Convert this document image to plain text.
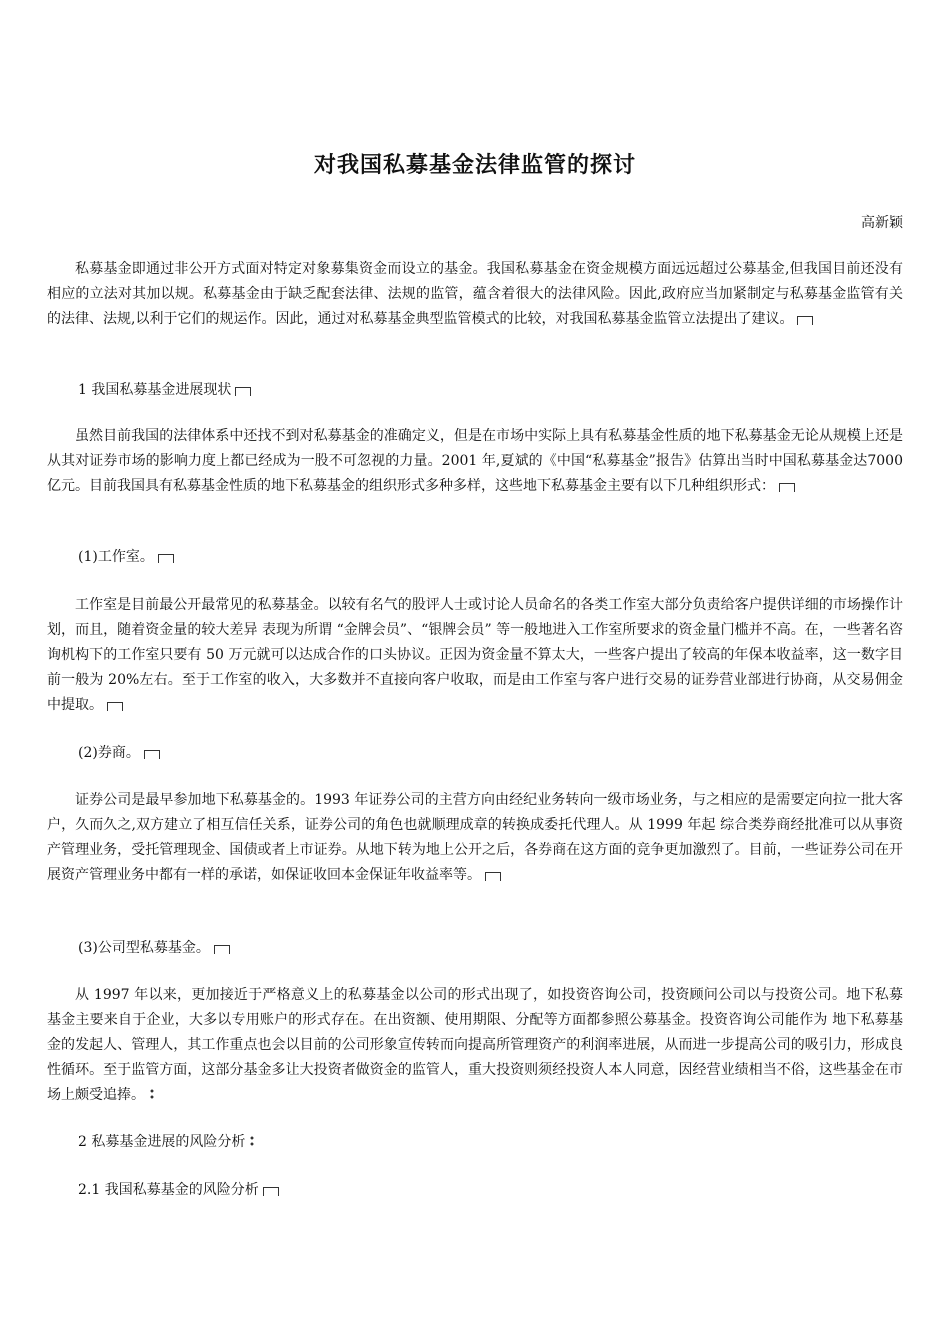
对我国私募基金法律监管的探讨
高新颖

私募基金即通过非公开方式面对特定对象募集资金而设立的基金。我国私募基金在资金规模方面远远超过公募基金,但我国目前还没有相应的立法对其加以规。私募基金由于缺乏配套法律、法规的监管，蕴含着很大的法律风险。因此,政府应当加紧制定与私募基金监管有关的法律、法规,以利于它们的规运作。因此，通过对私募基金典型监管模式的比较，对我国私募基金监管立法提出了建议。

1 我国私募基金进展现状

虽然目前我国的法律体系中还找不到对私募基金的准确定义，但是在市场中实际上具有私募基金性质的地下私募基金无论从规模上还是从其对证券市场的影响力度上都已经成为一股不可忽视的力量。2001 年,夏斌的《中国“私募基金”报告》估算出当时中国私募基金达7000 亿元。目前我国具有私募基金性质的地下私募基金的组织形式多种多样，这些地下私募基金主要有以下几种组织形式：

(1)工作室。

工作室是目前最公开最常见的私募基金。以较有名气的股评人士或讨论人员命名的各类工作室大部分负责给客户提供详细的市场操作计划，而且，随着资金量的较大差异 表现为所谓 “金牌会员”、“银牌会员” 等一般地进入工作室所要求的资金量门槛并不高。在，一些著名咨询机构下的工作室只要有 50 万元就可以达成合作的口头协议。正因为资金量不算太大，一些客户提出了较高的年保本收益率，这一数字目前一般为 20%左右。至于工作室的收入，大多数并不直接向客户收取，而是由工作室与客户进行交易的证券营业部进行协商，从交易佣金中提取。

(2)券商。

证券公司是最早参加地下私募基金的。1993 年证券公司的主营方向由经纪业务转向一级市场业务，与之相应的是需要定向拉一批大客户，久而久之,双方建立了相互信任关系，证券公司的角色也就顺理成章的转换成委托代理人。从 1999 年起 综合类券商经批准可以从事资产管理业务，受托管理现金、国债或者上市证券。从地下转为地上公开之后，各券商在这方面的竞争更加激烈了。目前，一些证券公司在开展资产管理业务中都有一样的承诺，如保证收回本金保证年收益率等。

(3)公司型私募基金。

从 1997 年以来，更加接近于严格意义上的私募基金以公司的形式出现了，如投资咨询公司，投资顾问公司以与投资公司。地下私募基金主要来自于企业，大多以专用账户的形式存在。在出资额、使用期限、分配等方面都参照公募基金。投资咨询公司能作为 地下私募基金的发起人、管理人，其工作重点也会以目前的公司形象宣传转而向提高所管理资产的利润率进展，从而进一步提高公司的吸引力，形成良性循环。至于监管方面，这部分基金多让大投资者做资金的监管人，重大投资则须经投资人本人同意，因经营业绩相当不俗，这些基金在市场上颇受追捧。

2 私募基金进展的风险分析

2.1 我国私募基金的风险分析
